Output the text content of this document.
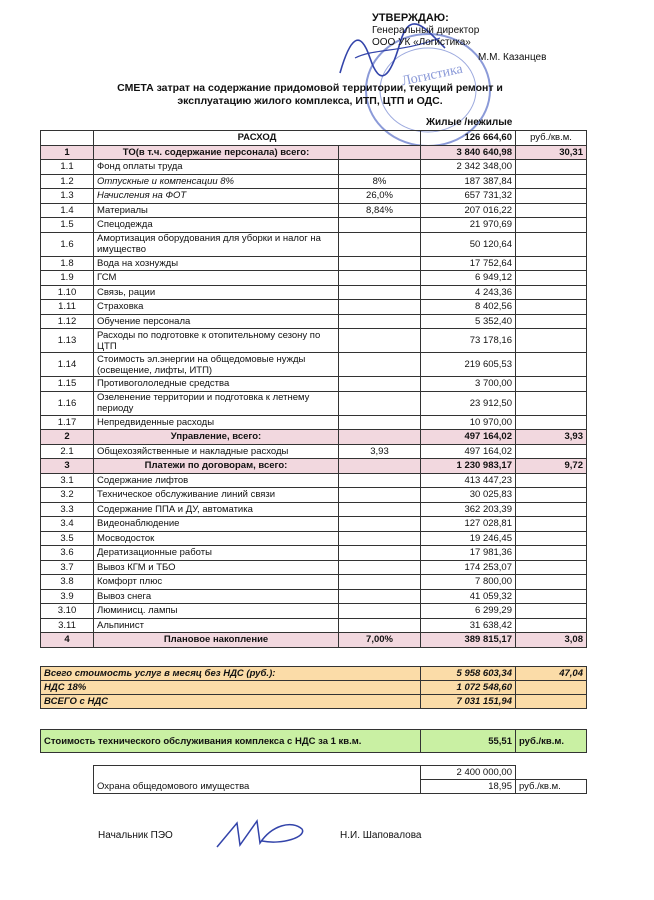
Логистика
УТВЕРЖДАЮ:
Генеральный директор
ООО УК «Логистика»
М.М. Казанцев
СМЕТА затрат на содержание придомовой территории, текущий ремонт и
эксплуатацию жилого комплекса, ИТП, ЦТП и ОДС.
Жилые /нежилые
	РАСХОД		126 664,60	руб./кв.м.
1	ТО(в т.ч. содержание персонала) всего:		3 840 640,98	30,31
1.1	Фонд оплаты труда		2 342 348,00	
1.2	Отпускные и компенсации 8%	8%	187 387,84	
1.3	Начисления на ФОТ	26,0%	657 731,32	
1.4	Материалы	8,84%	207 016,22	
1.5	Спецодежда		21 970,69	
1.6	Амортизация оборудования для уборки и налог на имущество		50 120,64	
1.8	Вода на хознужды		17 752,64	
1.9	ГСМ		6 949,12	
1.10	Связь, рации		4 243,36	
1.11	Страховка		8 402,56	
1.12	Обучение персонала		5 352,40	
1.13	Расходы по подготовке к отопительному сезону по ЦТП		73 178,16	
1.14	Стоимость эл.энергии на общедомовые нужды (освещение, лифты, ИТП)		219 605,53	
1.15	Противогололедные средства		3 700,00	
1.16	Озеленение территории и подготовка к летнему периоду		23 912,50	
1.17	Непредвиденные расходы		10 970,00	
2	Управление, всего:		497 164,02	3,93
2.1	Общехозяйственные и накладные расходы	3,93	497 164,02	
3	Платежи по договорам, всего:		1 230 983,17	9,72
3.1	Содержание лифтов		413 447,23	
3.2	Техническое обслуживание линий связи		30 025,83	
3.3	Содержание ППА и ДУ, автоматика		362 203,39	
3.4	Видеонаблюдение		127 028,81	
3.5	Мосводосток		19 246,45	
3.6	Дератизационные работы		17 981,36	
3.7	Вывоз КГМ и ТБО		174 253,07	
3.8	Комфорт плюс		7 800,00	
3.9	Вывоз снега		41 059,32	
3.10	Люминисц. лампы		6 299,29	
3.11	Альпинист		31 638,42	
4	Плановое накопление	7,00%	389 815,17	3,08
Всего стоимость услуг в месяц без НДС (руб.):	5 958 603,34	47,04
НДС 18%	1 072 548,60	
ВСЕГО с НДС	7 031 151,94	
Стоимость технического обслуживания комплекса с НДС за 1 кв.м.	55,51	руб./кв.м.
	2 400 000,00	
Охрана общедомового имущества	18,95	руб./кв.м.
Начальник ПЭО	Н.И. Шаповалова
